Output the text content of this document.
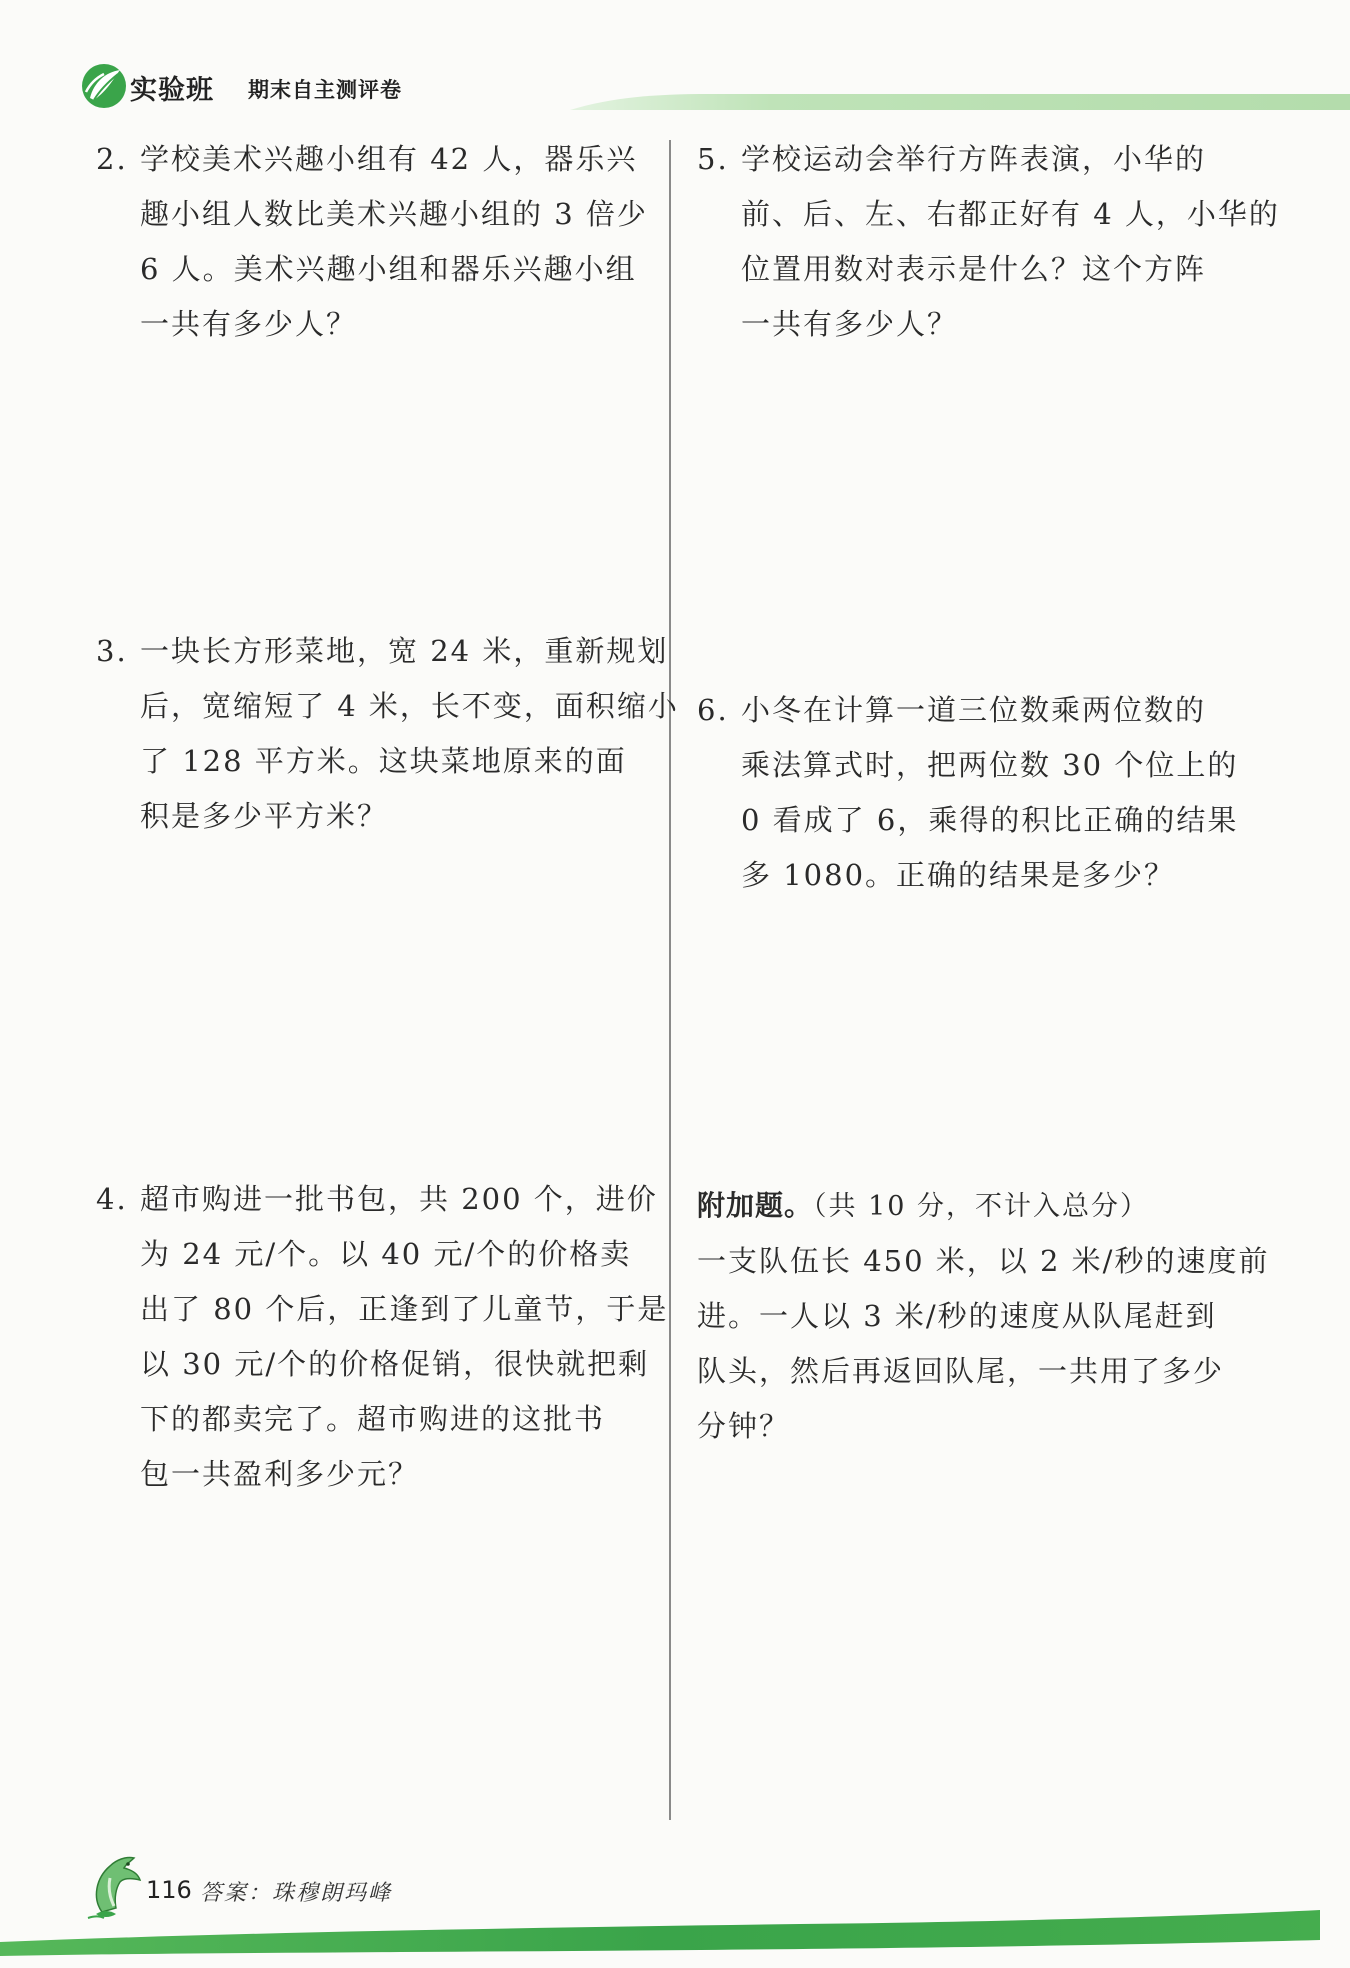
实验班 期末自主测评卷
2. 学校美术兴趣小组有 42 人，器乐兴
趣小组人数比美术兴趣小组的 3 倍少
6 人。美术兴趣小组和器乐兴趣小组
一共有多少人？
3. 一块长方形菜地，宽 24 米，重新规划
后，宽缩短了 4 米，长不变，面积缩小
了 128 平方米。这块菜地原来的面
积是多少平方米？
4. 超市购进一批书包，共 200 个，进价
为 24 元/个。以 40 元/个的价格卖
出了 80 个后，正逢到了儿童节，于是
以 30 元/个的价格促销，很快就把剩
下的都卖完了。超市购进的这批书
包一共盈利多少元？
5. 学校运动会举行方阵表演，小华的
前、后、左、右都正好有 4 人，小华的
位置用数对表示是什么？这个方阵
一共有多少人？
6. 小冬在计算一道三位数乘两位数的
乘法算式时，把两位数 30 个位上的
0 看成了 6，乘得的积比正确的结果
多 1080。正确的结果是多少？
附加题。（共 10 分，不计入总分）
一支队伍长 450 米，以 2 米/秒的速度前
进。一人以 3 米/秒的速度从队尾赶到
队头，然后再返回队尾，一共用了多少
分钟？
116 答案：珠穆朗玛峰
